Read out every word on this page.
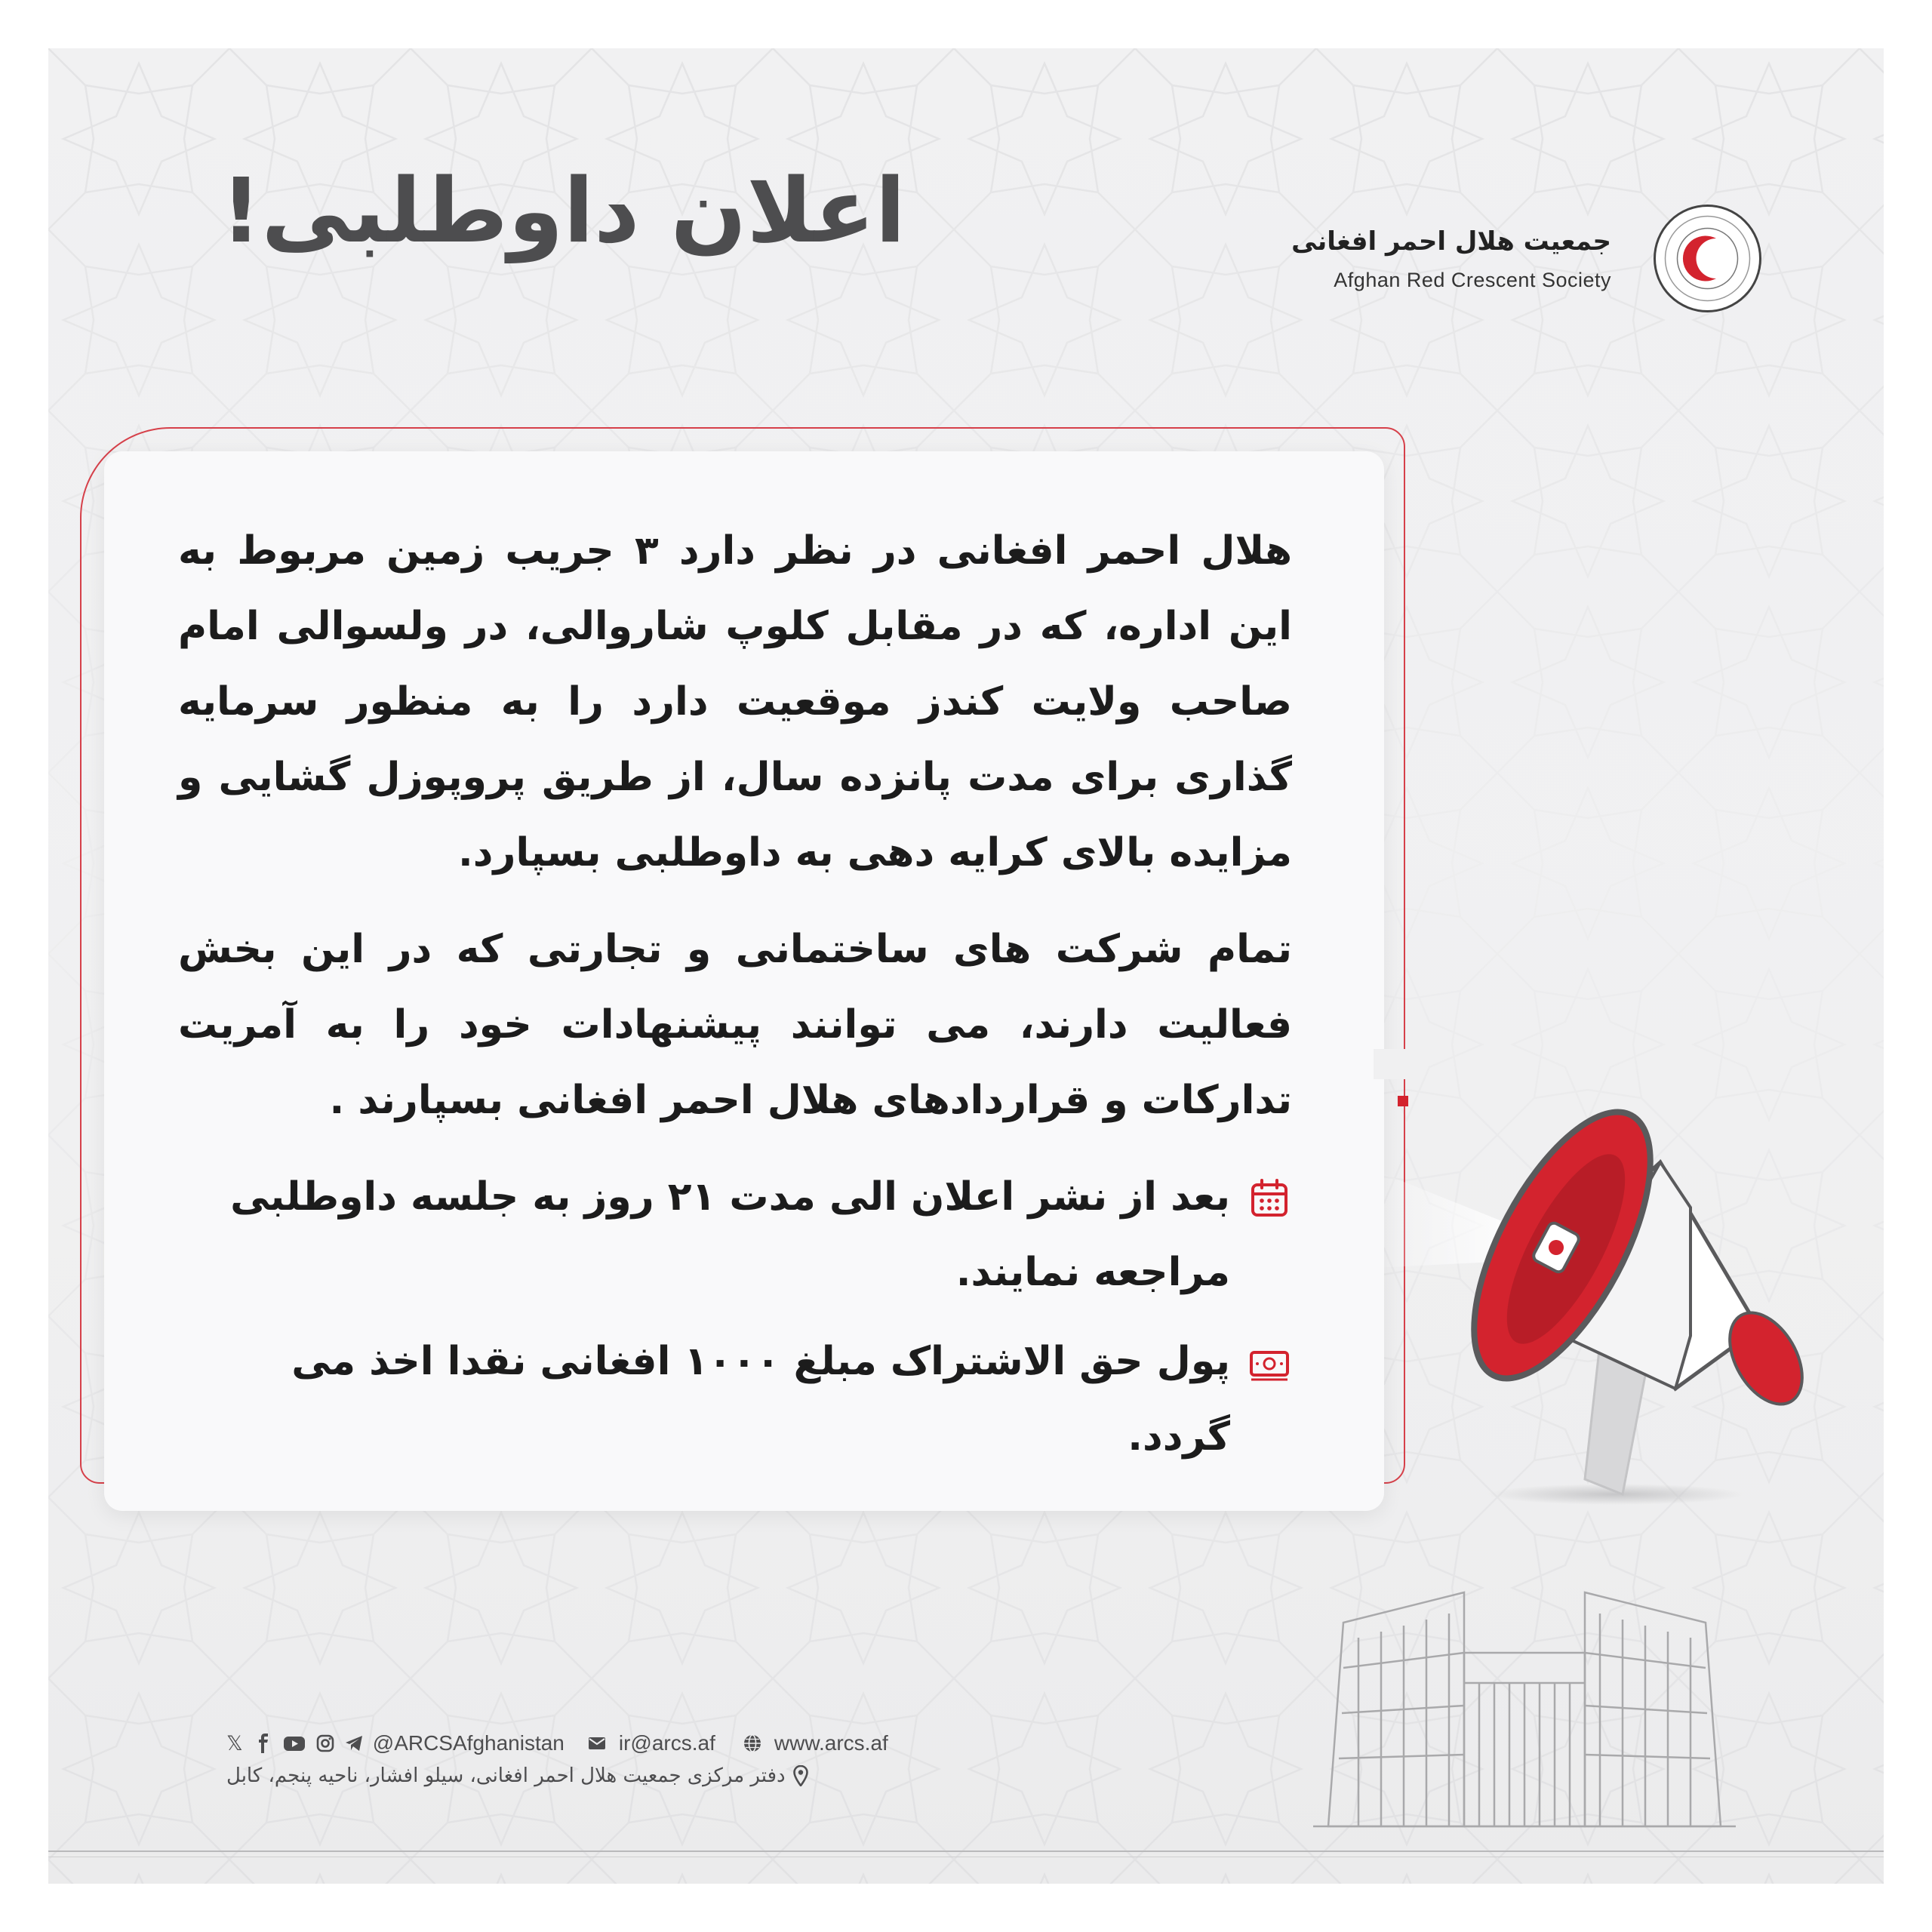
اعلان داوطلبی!	جمعیت هلال احمر افغانی
Afghan Red Crescent Society

هلال احمر افغانی در نظر دارد ۳ جریب زمین مربوط به این اداره، که در مقابل کلوپ شاروالی، در ولسوالی امام صاحب ولایت کندز موقعیت دارد را به منظور سرمایه گذاری برای مدت پانزده سال، از طریق پروپوزل گشایی و مزایده بالای کرایه دهی به داوطلبی بسپارد.

تمام شرکت های ساختمانی و تجارتی که در این بخش فعالیت دارند، می توانند پیشنهادات خود را به آمریت تدارکات و قراردادهای هلال احمر افغانی بسپارند .

بعد از نشر اعلان الی مدت ۲۱ روز به جلسه داوطلبی مراجعه نمایند.
پول حق الاشتراک مبلغ ۱۰۰۰ افغانی نقدا اخذ می گردد.
𝕏	@ARCSAfghanistan	ir@arcs.af	www.arcs.af
دفتر مرکزی جمعیت هلال احمر افغانی، سیلو افشار، ناحیه پنجم، کابل
